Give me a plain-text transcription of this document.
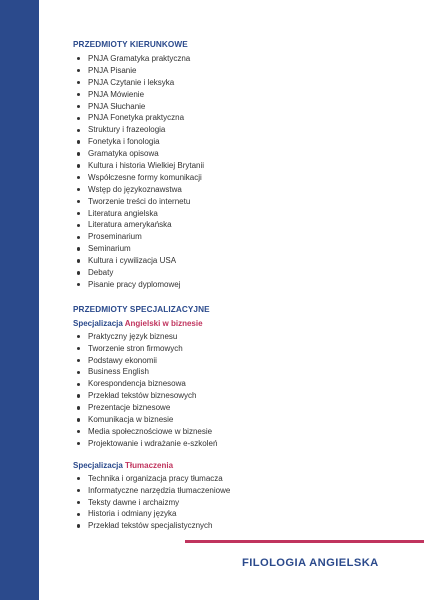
PRZEDMIOTY KIERUNKOWE
PNJA Gramatyka praktyczna
PNJA Pisanie
PNJA Czytanie i leksyka
PNJA Mówienie
PNJA Słuchanie
PNJA Fonetyka praktyczna
Struktury i frazeologia
Fonetyka i fonologia
Gramatyka opisowa
Kultura i historia Wielkiej Brytanii
Współczesne formy komunikacji
Wstęp do językoznawstwa
Tworzenie treści do internetu
Literatura angielska
Literatura amerykańska
Proseminarium
Seminarium
Kultura i cywilizacja USA
Debaty
Pisanie pracy dyplomowej
PRZEDMIOTY SPECJALIZACYJNE
Specjalizacja Angielski w biznesie
Praktyczny język biznesu
Tworzenie stron firmowych
Podstawy ekonomii
Business English
Korespondencja biznesowa
Przekład tekstów biznesowych
Prezentacje biznesowe
Komunikacja w biznesie
Media społecznościowe w biznesie
Projektowanie i wdrażanie e-szkoleń
Specjalizacja Tłumaczenia
Technika i organizacja pracy tłumacza
Informatyczne narzędzia tłumaczeniowe
Teksty dawne i archaizmy
Historia i odmiany języka
Przekład tekstów specjalistycznych
FILOLOGIA ANGIELSKA
